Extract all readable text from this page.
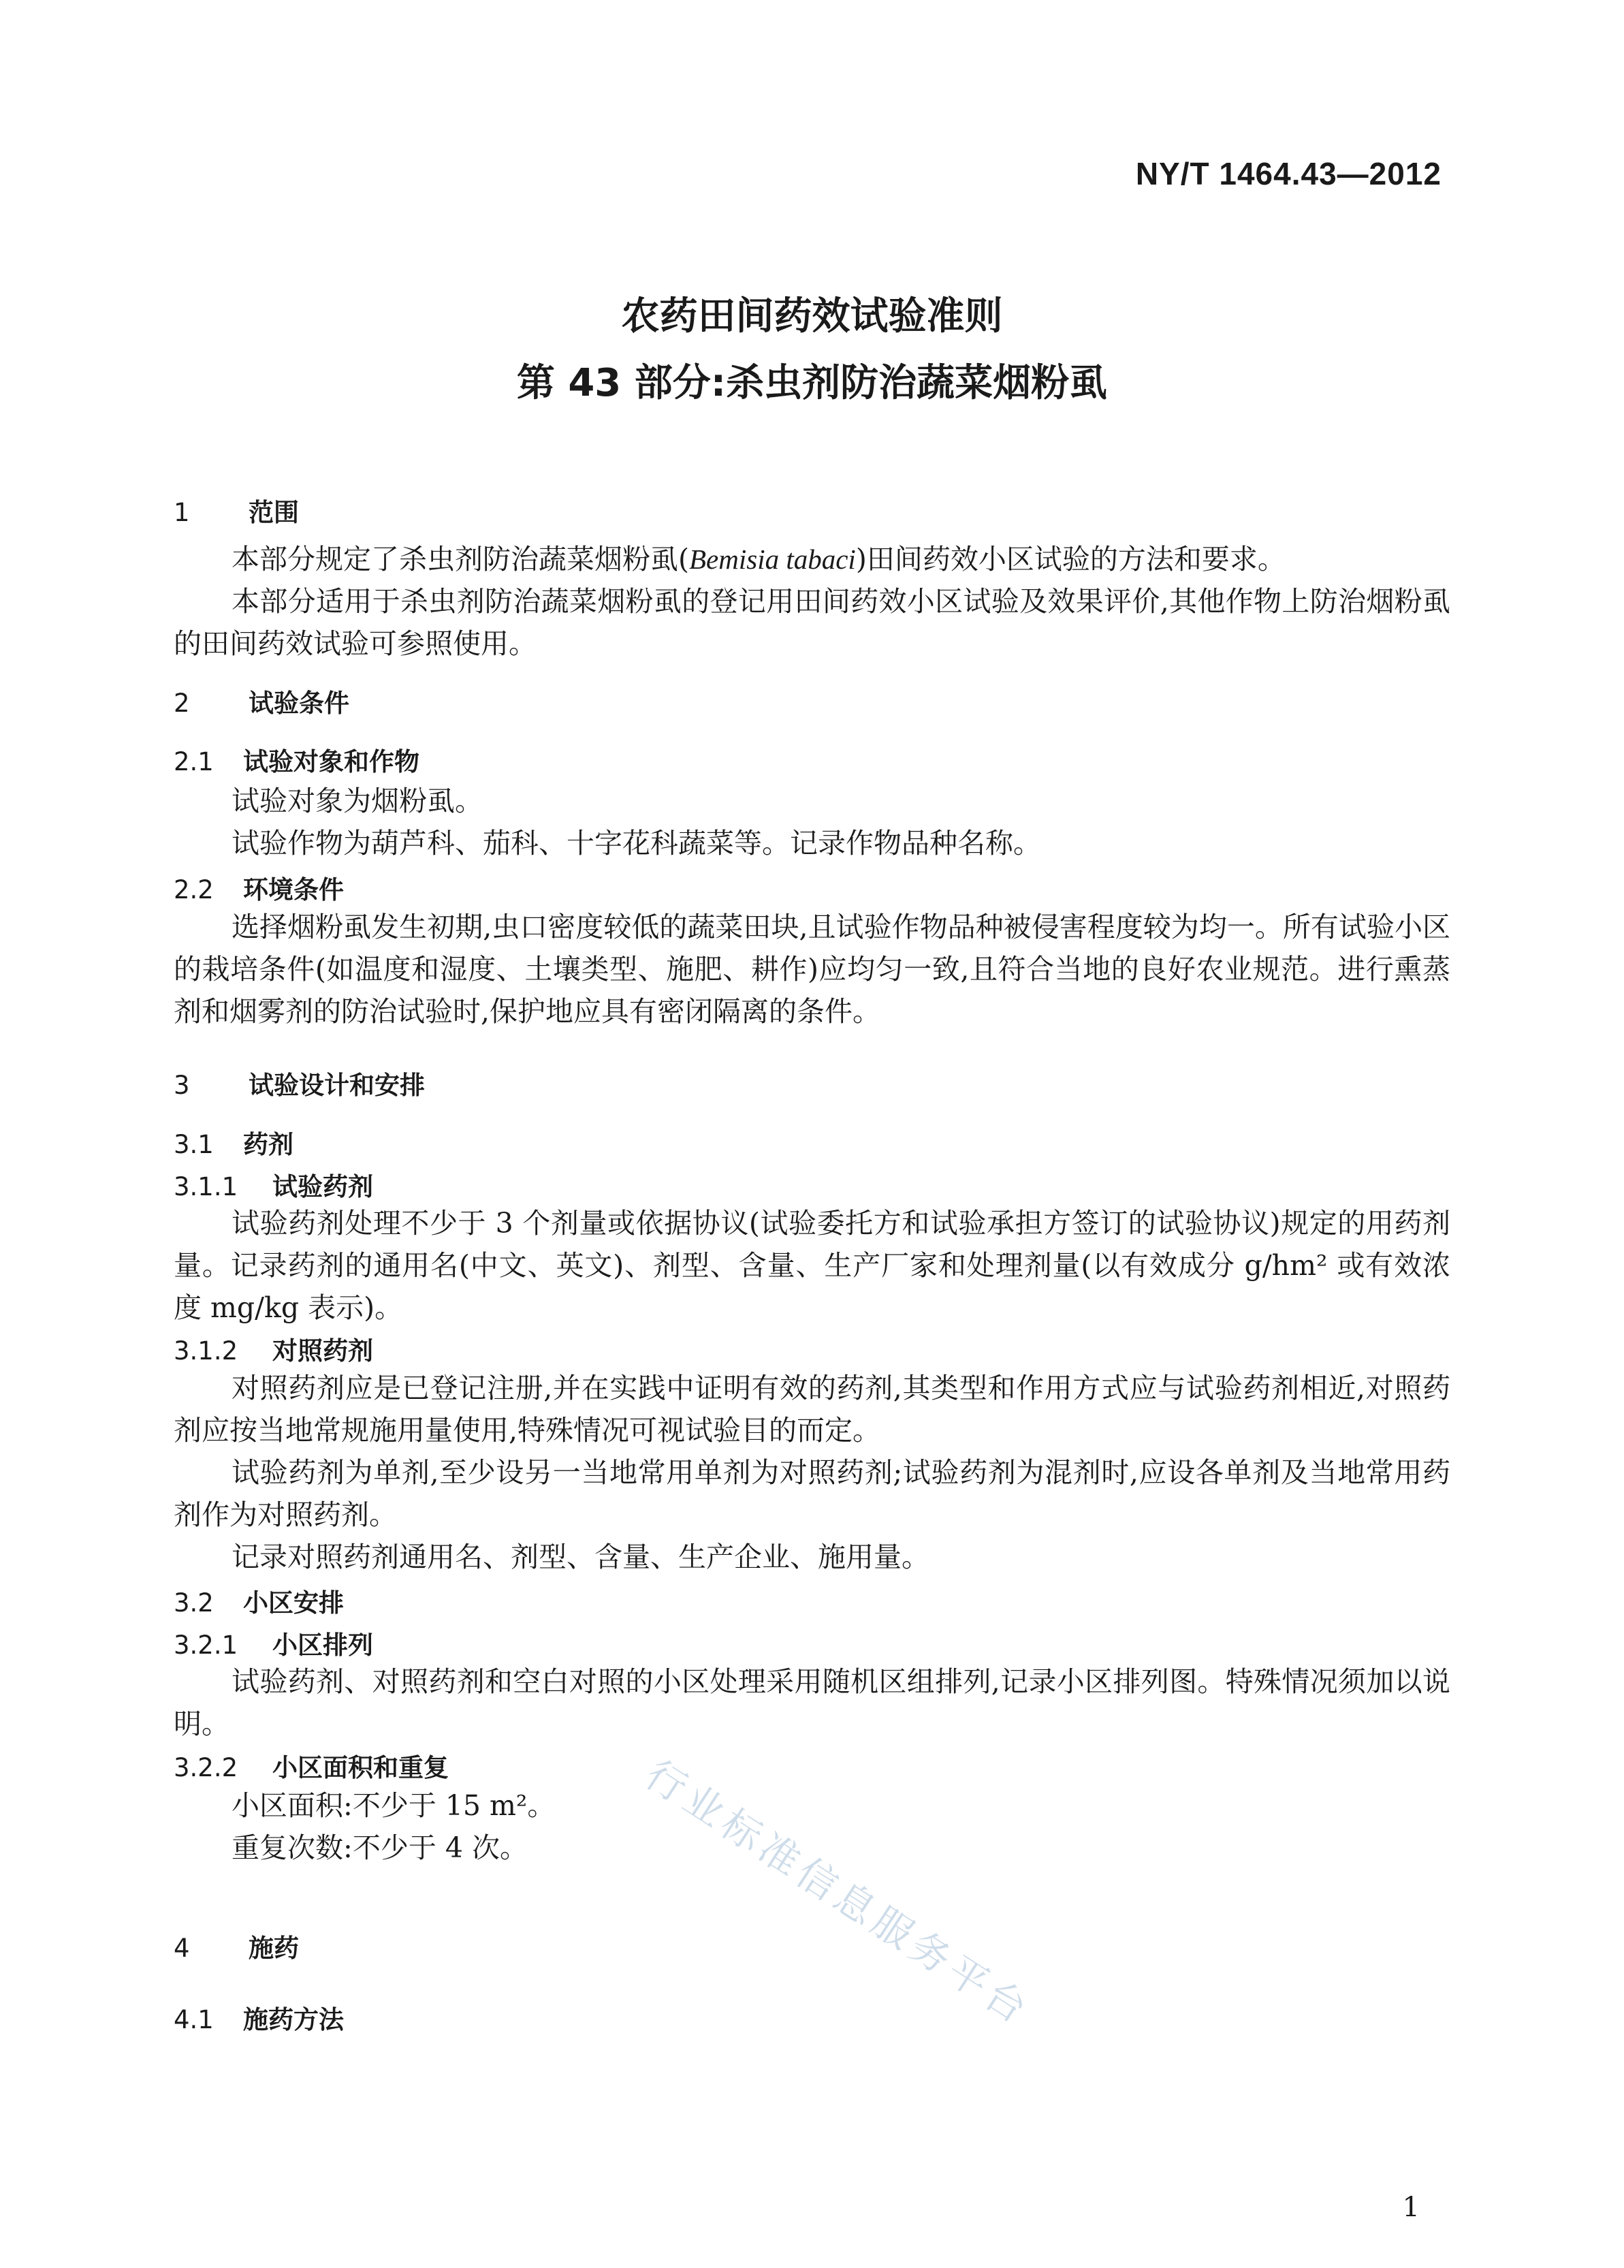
NY/T 1464.43—2012
农药田间药效试验准则
第 43 部分:杀虫剂防治蔬菜烟粉虱
1 范围
本部分规定了杀虫剂防治蔬菜烟粉虱(Bemisia tabaci)田间药效小区试验的方法和要求。
本部分适用于杀虫剂防治蔬菜烟粉虱的登记用田间药效小区试验及效果评价,其他作物上防治烟粉虱的田间药效试验可参照使用。
2 试验条件
2.1 试验对象和作物
试验对象为烟粉虱。
试验作物为葫芦科、茄科、十字花科蔬菜等。记录作物品种名称。
2.2 环境条件
选择烟粉虱发生初期,虫口密度较低的蔬菜田块,且试验作物品种被侵害程度较为均一。所有试验小区的栽培条件(如温度和湿度、土壤类型、施肥、耕作)应均匀一致,且符合当地的良好农业规范。进行熏蒸剂和烟雾剂的防治试验时,保护地应具有密闭隔离的条件。
3 试验设计和安排
3.1 药剂
3.1.1 试验药剂
试验药剂处理不少于 3 个剂量或依据协议(试验委托方和试验承担方签订的试验协议)规定的用药剂量。记录药剂的通用名(中文、英文)、剂型、含量、生产厂家和处理剂量(以有效成分 g/hm² 或有效浓度 mg/kg 表示)。
3.1.2 对照药剂
对照药剂应是已登记注册,并在实践中证明有效的药剂,其类型和作用方式应与试验药剂相近,对照药剂应按当地常规施用量使用,特殊情况可视试验目的而定。
试验药剂为单剂,至少设另一当地常用单剂为对照药剂;试验药剂为混剂时,应设各单剂及当地常用药剂作为对照药剂。
记录对照药剂通用名、剂型、含量、生产企业、施用量。
3.2 小区安排
3.2.1 小区排列
试验药剂、对照药剂和空白对照的小区处理采用随机区组排列,记录小区排列图。特殊情况须加以说明。
3.2.2 小区面积和重复
小区面积:不少于 15 m²。
重复次数:不少于 4 次。
4 施药
4.1 施药方法	行业标准信息服务平台
1
